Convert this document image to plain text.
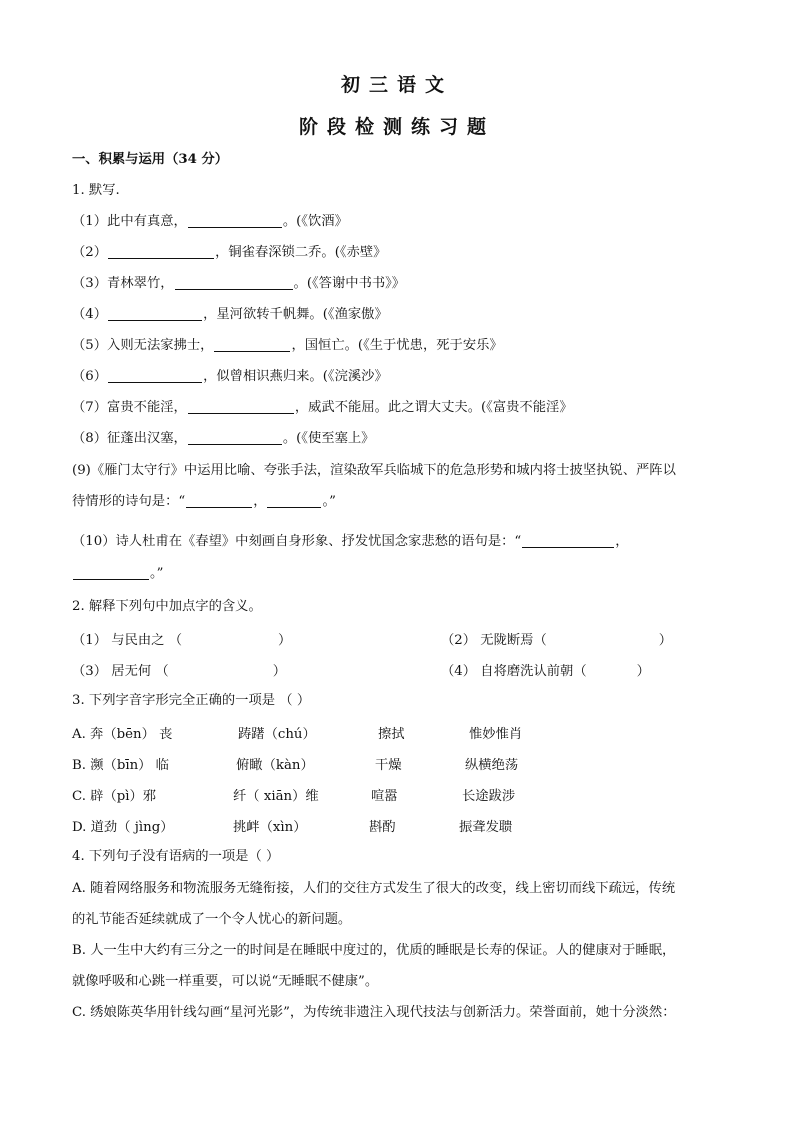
初三语文
阶段检测练习题
一、积累与运用（34 分）
1. 默写.
（1）此中有真意，	。(《饮酒》
（2）	，铜雀春深锁二乔。(《赤壁》
（3）青林翠竹，	。(《答谢中书书》》
（4）	，星河欲转千帆舞。(《渔家傲》
（5）入则无法家拂士，	，国恒亡。(《生于忧患，死于安乐》
（6）	，似曾相识燕归来。(《浣溪沙》
（7）富贵不能淫，	，威武不能屈。此之谓大丈夫。(《富贵不能淫》
（8）征蓬出汉塞，	。(《使至塞上》
(9)《雁门太守行》中运用比喻、夸张手法，渲染敌军兵临城下的危急形势和城内将士披坚执锐、严阵以
待情形的诗句是：“	，	。”
（10）诗人杜甫在《春望》中刻画自身形象、抒发忧国念家悲愁的语句是：“	，
。”
2. 解释下列句中加点字的含义。
（1） 与民由之 （	）	（2） 无陇断焉（	）
（3） 居无何 （	）	（4） 自将磨洗认前朝（	）
3. 下列字音字形完全正确的一项是 （ ）
A. 奔（bēn） 丧	踌躇（chú）	擦拭	惟妙惟肖
B. 濒（bīn） 临	俯瞰（kàn）	干燥	纵横绝荡
C. 辟（pì）邪	纤（ xiān）维	喧嚣	长途跋涉
D. 道劲（ jìng）	挑衅（xìn）	斟酌	振聋发聩
4. 下列句子没有语病的一项是（ ）
A. 随着网络服务和物流服务无缝衔接，人们的交往方式发生了很大的改变，线上密切而线下疏远，传统
的礼节能否延续就成了一个令人忧心的新问题。
B. 人一生中大约有三分之一的时间是在睡眠中度过的，优质的睡眠是长寿的保证。人的健康对于睡眠，
就像呼吸和心跳一样重要，可以说“无睡眠不健康”。
C. 绣娘陈英华用针线勾画“星河光影”，为传统非遗注入现代技法与创新活力。荣誉面前，她十分淡然：
